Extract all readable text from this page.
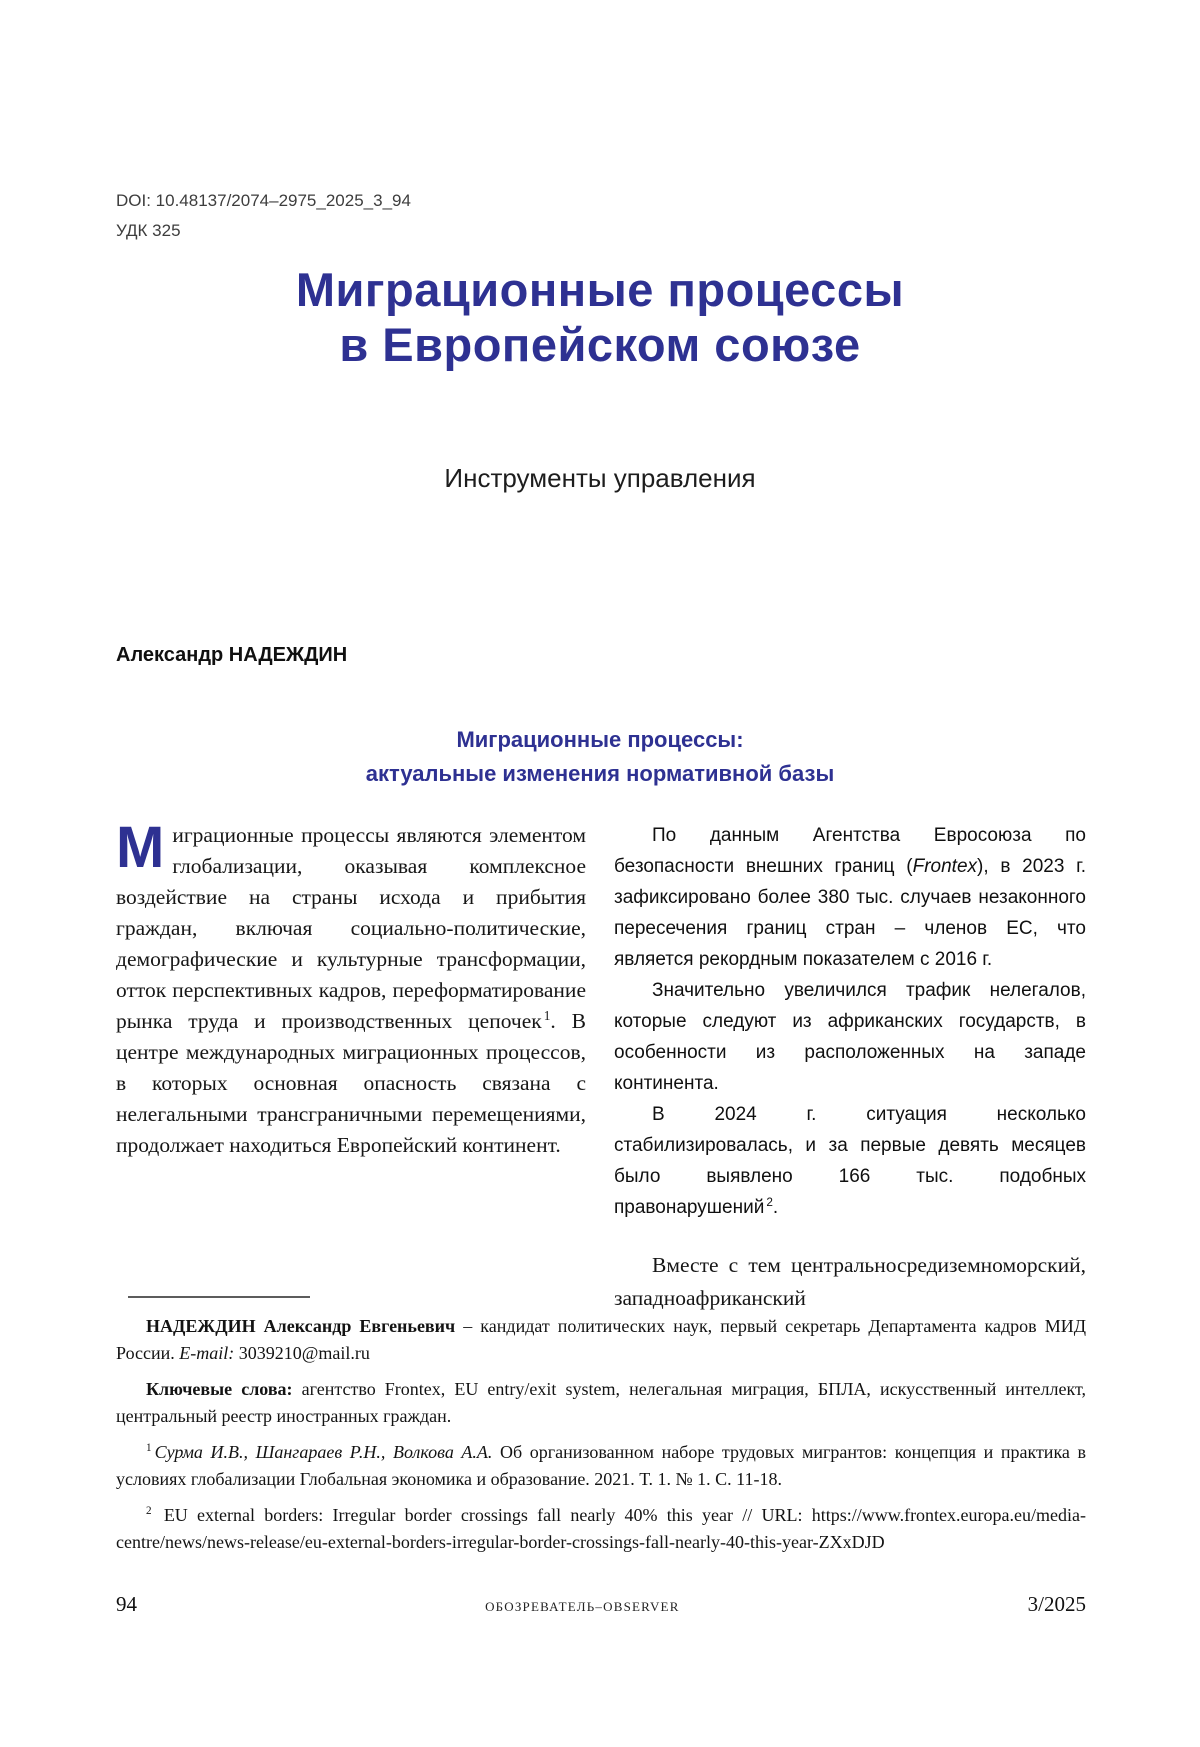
DOI: 10.48137/2074–2975_2025_3_94
УДК 325
Миграционные процессы
в Европейском союзе
Инструменты управления
Александр НАДЕЖДИН
Миграционные процессы:
актуальные изменения нормативной базы

Миграционные процессы являются элементом глобализации, оказывая комплексное воздействие на страны исхода и прибытия граждан, включая социально-политические, демографические и культурные трансформации, отток перспективных кадров, переформатирование рынка труда и производственных цепочек $^1$. В центре международных миграционных процессов, в которых основная опасность связана с нелегальными трансграничными перемещениями, продолжает находиться Европейский континент.

По данным Агентства Евросоюза по безопасности внешних границ (Frontex), в 2023 г. зафиксировано более 380 тыс. случаев незаконного пересечения границ стран – членов ЕС, что является рекордным показателем с 2016 г.

Значительно увеличился трафик нелегалов, которые следуют из африканских государств, в особенности из расположенных на западе континента.

В 2024 г. ситуация несколько стабилизировалась, и за первые девять месяцев было выявлено 166 тыс. подобных правонарушений $^2$.

Вместе с тем центральносредиземноморский, западноафриканский

НАДЕЖДИН Александр Евгеньевич – кандидат политических наук, первый секретарь Департамента кадров МИД России. E-mail: 3039210@mail.ru

Ключевые слова: агентство Frontex, EU entry/exit system, нелегальная миграция, БПЛА, искусственный интеллект, центральный реестр иностранных граждан.

$^1$ Сурма И.В., Шангараев Р.Н., Волкова А.А. Об организованном наборе трудовых мигрантов: концепция и практика в условиях глобализации Глобальная экономика и образование. 2021. Т. 1. № 1. С. 11-18.

$^2$ EU external borders: Irregular border crossings fall nearly 40% this year // URL: https://www.frontex.europa.eu/media-centre/news/news-release/eu-external-borders-irregular-border-crossings-fall-nearly-40-this-year-ZXxDJD

94	ОБОЗРЕВАТЕЛЬ–OBSERVER	3/2025
